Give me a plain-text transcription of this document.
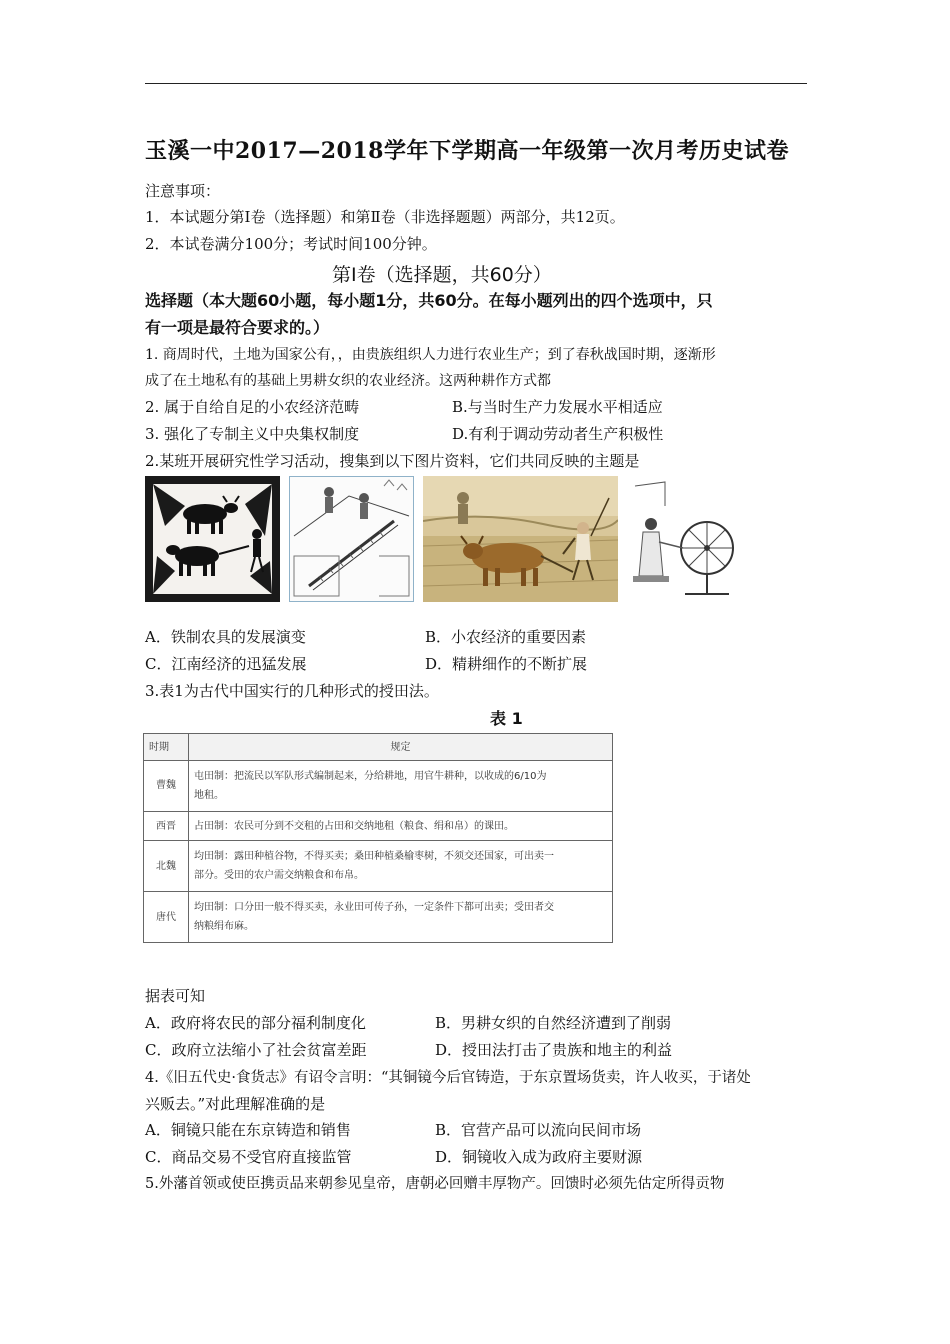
玉溪一中2017—2018学年下学期高一年级第一次月考历史试卷
注意事项：
1．本试题分第Ⅰ卷（选择题）和第Ⅱ卷（非选择题题）两部分，共12页。
2．本试卷满分100分；考试时间100分钟。
第Ⅰ卷（选择题，共60分）
选择题（本大题60小题，每小题1分，共60分。在每小题列出的四个选项中，只
有一项是最符合要求的。）
1. 商周时代，土地为国家公有，，由贵族组织人力进行农业生产；到了春秋战国时期，逐渐形
成了在土地私有的基础上男耕女织的农业经济。这两种耕作方式都
2. 属于自给自足的小农经济范畴	B.与当时生产力发展水平相适应
3. 强化了专制主义中央集权制度	D.有利于调动劳动者生产积极性
2.某班开展研究性学习活动，搜集到以下图片资料，它们共同反映的主题是
A．铁制农具的发展演变	B．小农经济的重要因素
C．江南经济的迅猛发展	D．精耕细作的不断扩展
3.表1为古代中国实行的几种形式的授田法。
表 1
时期	规定
曹魏	屯田制：把流民以军队形式编制起来，分给耕地，用官牛耕种，以收成的6/10为
地租。

西晋	占田制：农民可分到不交租的占田和交纳地租（粮食、绢和帛）的课田。

北魏	均田制：露田种植谷物，不得买卖；桑田种植桑榆枣树，不须交还国家，可出卖一
部分。受田的农户需交纳粮食和布帛。

唐代	均田制：口分田一般不得买卖，永业田可传子孙，一定条件下都可出卖；受田者交
纳粮绢布麻。
据表可知
A．政府将农民的部分福利制度化	B．男耕女织的自然经济遭到了削弱
C．政府立法缩小了社会贫富差距	D．授田法打击了贵族和地主的利益
4.《旧五代史·食货志》有诏令言明：“其铜镜今后官铸造，于东京置场货卖，许人收买，于诸处
兴贩去。”对此理解准确的是
A．铜镜只能在东京铸造和销售	B．官营产品可以流向民间市场
C．商品交易不受官府直接监管	D．铜镜收入成为政府主要财源
5.外藩首领或使臣携贡品来朝参见皇帝，唐朝必回赠丰厚物产。回馈时必须先估定所得贡物
